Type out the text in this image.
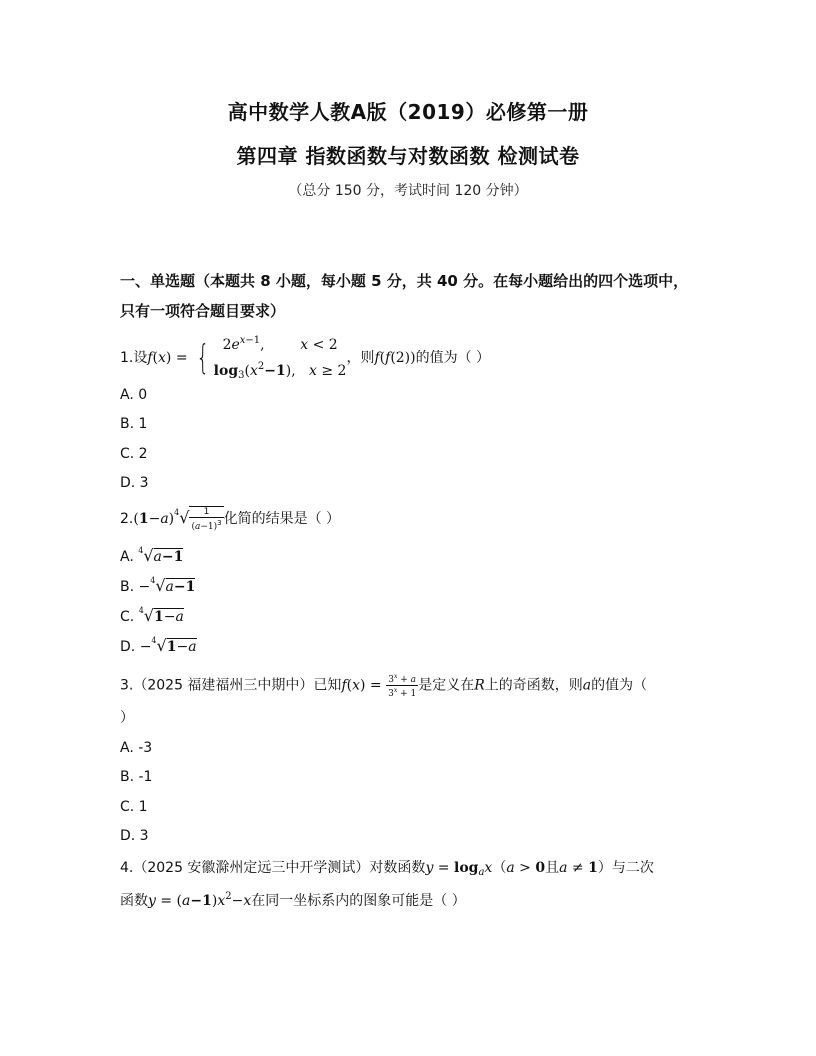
高中数学人教A版（2019）必修第一册
第四章 指数函数与对数函数 检测试卷
（总分 150 分，考试时间 120 分钟）
一、单选题（本题共 8 小题，每小题 5 分，共 40 分。在每小题给出的四个选项中，
只有一项符合题目要求）
1.设f(x) = { $2e^{x-1}$,	x < 2
$\log_3(x^2-1)$, x ≥ 2
，则f(f(2))的值为（ ）
A. 0
B. 1
C. 2
D. 3
$2.(1-a)^4√ \frac{1}{(a-1)^3}$ 化简的结果是（ ）
A. $^4$√a−1
B. −$^4$√a−1
C. $^4$√1−a
D. −$^4$√1−a
3.（2025 福建福州三中期中）已知$f(x) = \frac{3^x + a}{3^x + 1}$ 是定义在R上的奇函数，则a的值为（
）
A. -3
B. -1
C. 1
D. 3
4.（2025 安徽滁州定远三中开学测试）对数函数$y = \log_ax(a > 0$且a ≠ 1）与二次
函数$y = (a-1)x^2-x$在同一坐标系内的图象可能是（ ）
